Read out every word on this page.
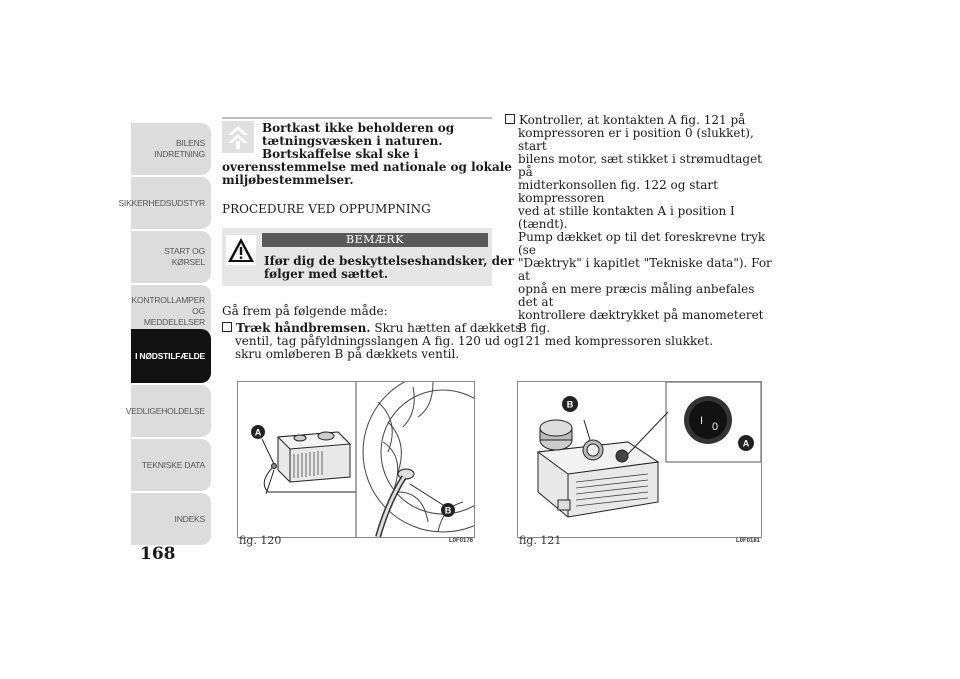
BILENS
INDRETNING
SIKKERHEDSUDSTYR
START OG KØRSEL
KONTROLLAMPER
OG MEDDELELSER
I NØDSTILFÆLDE
VEDLIGEHOLDELSE
TEKNISKE DATA
INDEKS
168
Bortkast ikke beholderen og
tætningsvæsken i naturen.
Bortskaffelse skal ske i
overensstemmelse med nationale og lokale
miljøbestemmelser.
PROCEDURE VED OPPUMPNING
BEMÆRK
Ifør dig de beskyttelseshandsker, der
følger med sættet.
Gå frem på følgende måde:
Træk håndbremsen. Skru hætten af dækkets
ventil, tag påfyldningsslangen A fig. 120 ud og
skru omløberen B på dækkets ventil.
Kontroller, at kontakten A fig. 121 på
kompressoren er i position 0 (slukket), start
bilens motor, sæt stikket i strømudtaget på
midterkonsollen fig. 122 og start kompressoren
ved at stille kontakten A i position I (tændt).
Pump dækket op til det foreskrevne tryk (se
"Dæktryk" i kapitlet "Tekniske data"). For at
opnå en mere præcis måling anbefales det at
kontrollere dæktrykket på manometeret B fig.
121 med kompressoren slukket.
A
B
fig. 120	L0F0176
I 0
A
B
fig. 121	L0F0181
